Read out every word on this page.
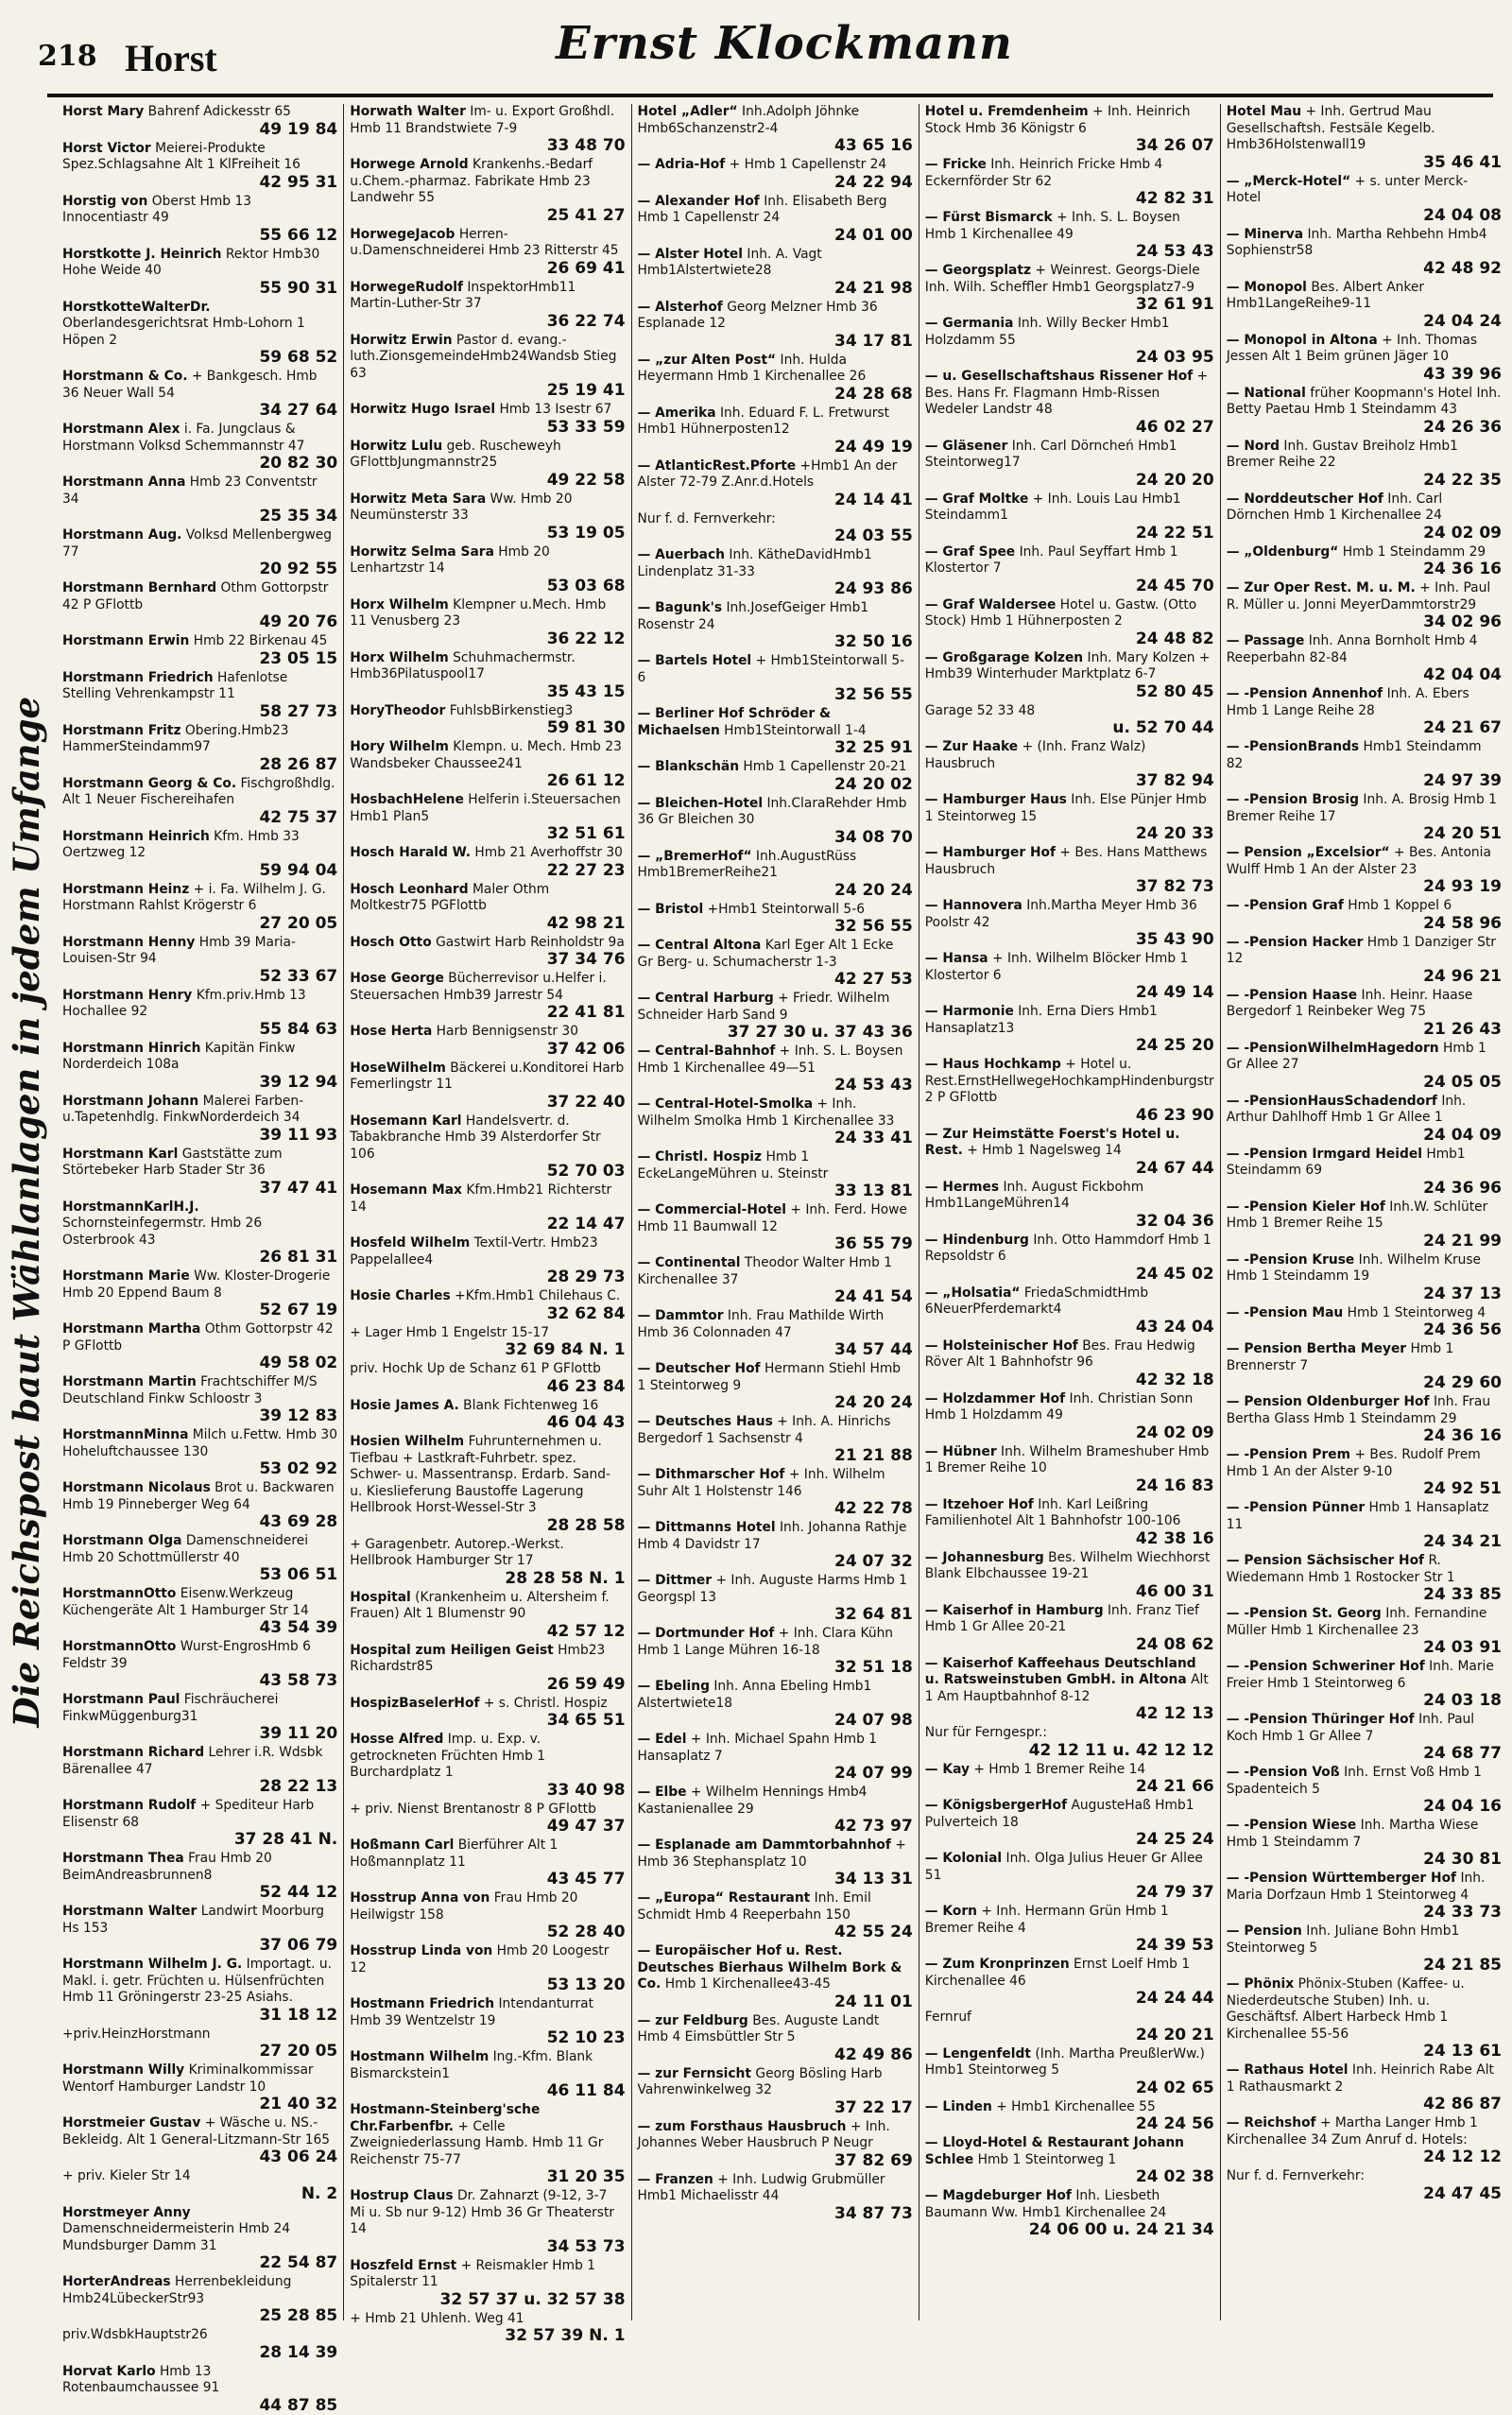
218 Horst	Ernst Klockmann
Die Reichspost baut Wählanlagen in jedem Umfange
Horst Mary Bahrenf Adickesstr 65
49 19 84
Horst Victor Meierei-Produkte Spez.Schlagsahne Alt 1 KlFreiheit 16
42 95 31
Horstig von Oberst Hmb 13 Innocentiastr 49
55 66 12
Horstkotte J. Heinrich Rektor Hmb30 Hohe Weide 40
55 90 31
HorstkotteWalterDr. Oberlandesgerichtsrat Hmb-Lohorn 1 Höpen 2
59 68 52
Horstmann & Co. + Bankgesch. Hmb 36 Neuer Wall 54
34 27 64
Horstmann Alex i. Fa. Jungclaus & Horstmann Volksd Schemmannstr 47
20 82 30
Horstmann Anna Hmb 23 Conventstr 34
25 35 34
Horstmann Aug. Volksd Mellenbergweg 77
20 92 55
Horstmann Bernhard Othm Gottorpstr 42 P GFlottb
49 20 76
Horstmann Erwin Hmb 22 Birkenau 45
23 05 15
Horstmann Friedrich Hafenlotse Stelling Vehrenkampstr 11
58 27 73
Horstmann Fritz Obering.Hmb23 HammerSteindamm97
28 26 87
Horstmann Georg & Co. Fischgroßhdlg. Alt 1 Neuer Fischereihafen
42 75 37
Horstmann Heinrich Kfm. Hmb 33 Oertzweg 12
59 94 04
Horstmann Heinz + i. Fa. Wilhelm J. G. Horstmann Rahlst Krögerstr 6
27 20 05
Horstmann Henny Hmb 39 Maria-Louisen-Str 94
52 33 67
Horstmann Henry Kfm.priv.Hmb 13 Hochallee 92
55 84 63
Horstmann Hinrich Kapitän Finkw Norderdeich 108a
39 12 94
Horstmann Johann Malerei Farben-u.Tapetenhdlg. FinkwNorderdeich 34
39 11 93
Horstmann Karl Gaststätte zum Störtebeker Harb Stader Str 36
37 47 41
HorstmannKarlH.J. Schornsteinfegermstr. Hmb 26 Osterbrook 43
26 81 31
Horstmann Marie Ww. Kloster-Drogerie Hmb 20 Eppend Baum 8
52 67 19
Horstmann Martha Othm Gottorpstr 42 P GFlottb
49 58 02
Horstmann Martin Frachtschiffer M/S Deutschland Finkw Schloostr 3
39 12 83
HorstmannMinna Milch u.Fettw. Hmb 30 Hoheluftchaussee 130
53 02 92
Horstmann Nicolaus Brot u. Backwaren Hmb 19 Pinneberger Weg 64
43 69 28
Horstmann Olga Damenschneiderei Hmb 20 Schottmüllerstr 40
53 06 51
HorstmannOtto Eisenw.Werkzeug Küchengeräte Alt 1 Hamburger Str 14
43 54 39
HorstmannOtto Wurst-EngrosHmb 6 Feldstr 39
43 58 73
Horstmann Paul Fischräucherei FinkwMüggenburg31
39 11 20
Horstmann Richard Lehrer i.R. Wdsbk Bärenallee 47
28 22 13
Horstmann Rudolf + Spediteur Harb Elisenstr 68
37 28 41 N.
Horstmann Thea Frau Hmb 20 BeimAndreasbrunnen8
52 44 12
Horstmann Walter Landwirt Moorburg Hs 153
37 06 79
Horstmann Wilhelm J. G. Importagt. u. Makl. i. getr. Früchten u. Hülsenfrüchten Hmb 11 Gröningerstr 23-25 Asiahs.
31 18 12
+priv.HeinzHorstmann
27 20 05
Horstmann Willy Kriminalkommissar Wentorf Hamburger Landstr 10
21 40 32
Horstmeier Gustav + Wäsche u. NS.-Bekleidg. Alt 1 General-Litzmann-Str 165
43 06 24
+ priv. Kieler Str 14
N. 2
Horstmeyer Anny Damenschneidermeisterin Hmb 24 Mundsburger Damm 31
22 54 87
HorterAndreas Herrenbekleidung Hmb24LübeckerStr93
25 28 85
priv.WdsbkHauptstr26
28 14 39
Horvat Karlo Hmb 13 Rotenbaumchaussee 91
44 87 85
Horwath Walter Im- u. Export Großhdl. Hmb 11 Brandstwiete 7-9
33 48 70
Horwege Arnold Krankenhs.-Bedarf u.Chem.-pharmaz. Fabrikate Hmb 23 Landwehr 55
25 41 27
HorwegeJacob Herren-u.Damenschneiderei Hmb 23 Ritterstr 45
26 69 41
HorwegeRudolf InspektorHmb11 Martin-Luther-Str 37
36 22 74
Horwitz Erwin Pastor d. evang.-luth.ZionsgemeindeHmb24Wandsb Stieg 63
25 19 41
Horwitz Hugo Israel Hmb 13 Isestr 67
53 33 59
Horwitz Lulu geb. Ruscheweyh GFlottbJungmannstr25
49 22 58
Horwitz Meta Sara Ww. Hmb 20 Neumünsterstr 33
53 19 05
Horwitz Selma Sara Hmb 20 Lenhartzstr 14
53 03 68
Horx Wilhelm Klempner u.Mech. Hmb 11 Venusberg 23
36 22 12
Horx Wilhelm Schuhmachermstr. Hmb36Pilatuspool17
35 43 15
HoryTheodor FuhlsbBirkenstieg3
59 81 30
Hory Wilhelm Klempn. u. Mech. Hmb 23 Wandsbeker Chaussee241
26 61 12
HosbachHelene Helferin i.Steuersachen Hmb1 Plan5
32 51 61
Hosch Harald W. Hmb 21 Averhoffstr 30
22 27 23
Hosch Leonhard Maler Othm Moltkestr75 PGFlottb
42 98 21
Hosch Otto Gastwirt Harb Reinholdstr 9a
37 34 76
Hose George Bücherrevisor u.Helfer i. Steuersachen Hmb39 Jarrestr 54
22 41 81
Hose Herta Harb Bennigsenstr 30
37 42 06
HoseWilhelm Bäckerei u.Konditorei Harb Femerlingstr 11
37 22 40
Hosemann Karl Handelsvertr. d. Tabakbranche Hmb 39 Alsterdorfer Str 106
52 70 03
Hosemann Max Kfm.Hmb21 Richterstr 14
22 14 47
Hosfeld Wilhelm Textil-Vertr. Hmb23 Pappelallee4
28 29 73
Hosie Charles +Kfm.Hmb1 Chilehaus C.
32 62 84
+ Lager Hmb 1 Engelstr 15-17
32 69 84 N. 1
priv. Hochk Up de Schanz 61 P GFlottb
46 23 84
Hosie James A. Blank Fichtenweg 16
46 04 43
Hosien Wilhelm Fuhrunternehmen u. Tiefbau + Lastkraft-Fuhrbetr. spez. Schwer- u. Massentransp. Erdarb. Sand- u. Kieslieferung Baustoffe Lagerung Hellbrook Horst-Wessel-Str 3
28 28 58
+ Garagenbetr. Autorep.-Werkst. Hellbrook Hamburger Str 17
28 28 58 N. 1
Hospital (Krankenheim u. Altersheim f. Frauen) Alt 1 Blumenstr 90
42 57 12
Hospital zum Heiligen Geist Hmb23 Richardstr85
26 59 49
HospizBaselerHof + s. Christl. Hospiz
34 65 51
Hosse Alfred Imp. u. Exp. v. getrockneten Früchten Hmb 1 Burchardplatz 1
33 40 98
+ priv. Nienst Brentanostr 8 P GFlottb
49 47 37
Hoßmann Carl Bierführer Alt 1 Hoßmannplatz 11
43 45 77
Hosstrup Anna von Frau Hmb 20 Heilwigstr 158
52 28 40
Hosstrup Linda von Hmb 20 Loogestr 12
53 13 20
Hostmann Friedrich Intendanturrat Hmb 39 Wentzelstr 19
52 10 23
Hostmann Wilhelm Ing.-Kfm. Blank Bismarckstein1
46 11 84
Hostmann-Steinberg'sche Chr.Farbenfbr. + Celle Zweigniederlassung Hamb. Hmb 11 Gr Reichenstr 75-77
31 20 35
Hostrup Claus Dr. Zahnarzt (9-12, 3-7 Mi u. Sb nur 9-12) Hmb 36 Gr Theaterstr 14
34 53 73
Hoszfeld Ernst + Reismakler Hmb 1 Spitalerstr 11
32 57 37 u. 32 57 38
+ Hmb 21 Uhlenh. Weg 41
32 57 39 N. 1
Hotel „Adler“ Inh.Adolph Jöhnke Hmb6Schanzenstr2-4
43 65 16
— Adria-Hof + Hmb 1 Capellenstr 24
24 22 94
— Alexander Hof Inh. Elisabeth Berg Hmb 1 Capellenstr 24
24 01 00
— Alster Hotel Inh. A. Vagt Hmb1Alstertwiete28
24 21 98
— Alsterhof Georg Melzner Hmb 36 Esplanade 12
34 17 81
— „zur Alten Post“ Inh. Hulda Heyermann Hmb 1 Kirchenallee 26
24 28 68
— Amerika Inh. Eduard F. L. Fretwurst Hmb1 Hühnerposten12
24 49 19
— AtlanticRest.Pforte +Hmb1 An der Alster 72-79 Z.Anr.d.Hotels
24 14 41
Nur f. d. Fernverkehr:
24 03 55
— Auerbach Inh. KätheDavidHmb1 Lindenplatz 31-33
24 93 86
— Bagunk's Inh.JosefGeiger Hmb1 Rosenstr 24
32 50 16
— Bartels Hotel + Hmb1Steintorwall 5-6
32 56 55
— Berliner Hof Schröder & Michaelsen Hmb1Steintorwall 1-4
32 25 91
— Blankschän Hmb 1 Capellenstr 20-21
24 20 02
— Bleichen-Hotel Inh.ClaraRehder Hmb 36 Gr Bleichen 30
34 08 70
— „BremerHof“ Inh.AugustRüss Hmb1BremerReihe21
24 20 24
— Bristol +Hmb1 Steintorwall 5-6
32 56 55
— Central Altona Karl Eger Alt 1 Ecke Gr Berg- u. Schumacherstr 1-3
42 27 53
— Central Harburg + Friedr. Wilhelm Schneider Harb Sand 9
37 27 30 u. 37 43 36
— Central-Bahnhof + Inh. S. L. Boysen Hmb 1 Kirchenallee 49—51
24 53 43
— Central-Hotel-Smolka + Inh. Wilhelm Smolka Hmb 1 Kirchenallee 33
24 33 41
— Christl. Hospiz Hmb 1 EckeLangeMühren u. Steinstr
33 13 81
— Commercial-Hotel + Inh. Ferd. Howe Hmb 11 Baumwall 12
36 55 79
— Continental Theodor Walter Hmb 1 Kirchenallee 37
24 41 54
— Dammtor Inh. Frau Mathilde Wirth Hmb 36 Colonnaden 47
34 57 44
— Deutscher Hof Hermann Stiehl Hmb 1 Steintorweg 9
24 20 24
— Deutsches Haus + Inh. A. Hinrichs Bergedorf 1 Sachsenstr 4
21 21 88
— Dithmarscher Hof + Inh. Wilhelm Suhr Alt 1 Holstenstr 146
42 22 78
— Dittmanns Hotel Inh. Johanna Rathje Hmb 4 Davidstr 17
24 07 32
— Dittmer + Inh. Auguste Harms Hmb 1 Georgspl 13
32 64 81
— Dortmunder Hof + Inh. Clara Kühn Hmb 1 Lange Mühren 16-18
32 51 18
— Ebeling Inh. Anna Ebeling Hmb1 Alstertwiete18
24 07 98
— Edel + Inh. Michael Spahn Hmb 1 Hansaplatz 7
24 07 99
— Elbe + Wilhelm Hennings Hmb4 Kastanienallee 29
42 73 97
— Esplanade am Dammtorbahnhof + Hmb 36 Stephansplatz 10
34 13 31
— „Europa“ Restaurant Inh. Emil Schmidt Hmb 4 Reeperbahn 150
42 55 24
— Europäischer Hof u. Rest. Deutsches Bierhaus Wilhelm Bork & Co. Hmb 1 Kirchenallee43-45
24 11 01
— zur Feldburg Bes. Auguste Landt Hmb 4 Eimsbüttler Str 5
42 49 86
— zur Fernsicht Georg Bösling Harb Vahrenwinkelweg 32
37 22 17
— zum Forsthaus Hausbruch + Inh. Johannes Weber Hausbruch P Neugr
37 82 69
— Franzen + Inh. Ludwig Grubmüller Hmb1 Michaelisstr 44
34 87 73
Hotel u. Fremdenheim + Inh. Heinrich Stock Hmb 36 Königstr 6
34 26 07
— Fricke Inh. Heinrich Fricke Hmb 4 Eckernförder Str 62
42 82 31
— Fürst Bismarck + Inh. S. L. Boysen Hmb 1 Kirchenallee 49
24 53 43
— Georgsplatz + Weinrest. Georgs-Diele Inh. Wilh. Scheffler Hmb1 Georgsplatz7-9
32 61 91
— Germania Inh. Willy Becker Hmb1 Holzdamm 55
24 03 95
— u. Gesellschaftshaus Rissener Hof + Bes. Hans Fr. Flagmann Hmb-Rissen Wedeler Landstr 48
46 02 27
— Gläsener Inh. Carl Dörncheń Hmb1 Steintorweg17
24 20 20
— Graf Moltke + Inh. Louis Lau Hmb1 Steindamm1
24 22 51
— Graf Spee Inh. Paul Seyffart Hmb 1 Klostertor 7
24 45 70
— Graf Waldersee Hotel u. Gastw. (Otto Stock) Hmb 1 Hühnerposten 2
24 48 82
— Großgarage Kolzen Inh. Mary Kolzen + Hmb39 Winterhuder Marktplatz 6-7
52 80 45
Garage 52 33 48
u. 52 70 44
— Zur Haake + (Inh. Franz Walz) Hausbruch
37 82 94
— Hamburger Haus Inh. Else Pünjer Hmb 1 Steintorweg 15
24 20 33
— Hamburger Hof + Bes. Hans Matthews Hausbruch
37 82 73
— Hannovera Inh.Martha Meyer Hmb 36 Poolstr 42
35 43 90
— Hansa + Inh. Wilhelm Blöcker Hmb 1 Klostertor 6
24 49 14
— Harmonie Inh. Erna Diers Hmb1 Hansaplatz13
24 25 20
— Haus Hochkamp + Hotel u. Rest.ErnstHellwegeHochkampHindenburgstr 2 P GFlottb
46 23 90
— Zur Heimstätte Foerst's Hotel u. Rest. + Hmb 1 Nagelsweg 14
24 67 44
— Hermes Inh. August Fickbohm Hmb1LangeMühren14
32 04 36
— Hindenburg Inh. Otto Hammdorf Hmb 1 Repsoldstr 6
24 45 02
— „Holsatia“ FriedaSchmidtHmb 6NeuerPferdemarkt4
43 24 04
— Holsteinischer Hof Bes. Frau Hedwig Röver Alt 1 Bahnhofstr 96
42 32 18
— Holzdammer Hof Inh. Christian Sonn Hmb 1 Holzdamm 49
24 02 09
— Hübner Inh. Wilhelm Brameshuber Hmb 1 Bremer Reihe 10
24 16 83
— Itzehoer Hof Inh. Karl Leißring Familienhotel Alt 1 Bahnhofstr 100-106
42 38 16
— Johannesburg Bes. Wilhelm Wiechhorst Blank Elbchaussee 19-21
46 00 31
— Kaiserhof in Hamburg Inh. Franz Tief Hmb 1 Gr Allee 20-21
24 08 62
— Kaiserhof Kaffeehaus Deutschland u. Ratsweinstuben GmbH. in Altona Alt 1 Am Hauptbahnhof 8-12
42 12 13
Nur für Ferngespr.:
42 12 11 u. 42 12 12
— Kay + Hmb 1 Bremer Reihe 14
24 21 66
— KönigsbergerHof AugusteHaß Hmb1 Pulverteich 18
24 25 24
— Kolonial Inh. Olga Julius Heuer Gr Allee 51
24 79 37
— Korn + Inh. Hermann Grün Hmb 1 Bremer Reihe 4
24 39 53
— Zum Kronprinzen Ernst Loelf Hmb 1 Kirchenallee 46
24 24 44
Fernruf
24 20 21
— Lengenfeldt (Inh. Martha PreußlerWw.) Hmb1 Steintorweg 5
24 02 65
— Linden + Hmb1 Kirchenallee 55
24 24 56
— Lloyd-Hotel & Restaurant Johann Schlee Hmb 1 Steintorweg 1
24 02 38
— Magdeburger Hof Inh. Liesbeth Baumann Ww. Hmb1 Kirchenallee 24
24 06 00 u. 24 21 34
Hotel Mau + Inh. Gertrud Mau Gesellschaftsh. Festsäle Kegelb. Hmb36Holstenwall19
35 46 41
— „Merck-Hotel“ + s. unter Merck-Hotel
24 04 08
— Minerva Inh. Martha Rehbehn Hmb4 Sophienstr58
42 48 92
— Monopol Bes. Albert Anker Hmb1LangeReihe9-11
24 04 24
— Monopol in Altona + Inh. Thomas Jessen Alt 1 Beim grünen Jäger 10
43 39 96
— National früher Koopmann's Hotel Inh. Betty Paetau Hmb 1 Steindamm 43
24 26 36
— Nord Inh. Gustav Breiholz Hmb1 Bremer Reihe 22
24 22 35
— Norddeutscher Hof Inh. Carl Dörnchen Hmb 1 Kirchenallee 24
24 02 09
— „Oldenburg“ Hmb 1 Steindamm 29
24 36 16
— Zur Oper Rest. M. u. M. + Inh. Paul R. Müller u. Jonni MeyerDammtorstr29
34 02 96
— Passage Inh. Anna Bornholt Hmb 4 Reeperbahn 82-84
42 04 04
— -Pension Annenhof Inh. A. Ebers Hmb 1 Lange Reihe 28
24 21 67
— -PensionBrands Hmb1 Steindamm 82
24 97 39
— -Pension Brosig Inh. A. Brosig Hmb 1 Bremer Reihe 17
24 20 51
— Pension „Excelsior“ + Bes. Antonia Wulff Hmb 1 An der Alster 23
24 93 19
— -Pension Graf Hmb 1 Koppel 6
24 58 96
— -Pension Hacker Hmb 1 Danziger Str 12
24 96 21
— -Pension Haase Inh. Heinr. Haase Bergedorf 1 Reinbeker Weg 75
21 26 43
— -PensionWilhelmHagedorn Hmb 1 Gr Allee 27
24 05 05
— -PensionHausSchadendorf Inh. Arthur Dahlhoff Hmb 1 Gr Allee 1
24 04 09
— -Pension Irmgard Heidel Hmb1 Steindamm 69
24 36 96
— -Pension Kieler Hof Inh.W. Schlüter Hmb 1 Bremer Reihe 15
24 21 99
— -Pension Kruse Inh. Wilhelm Kruse Hmb 1 Steindamm 19
24 37 13
— -Pension Mau Hmb 1 Steintorweg 4
24 36 56
— Pension Bertha Meyer Hmb 1 Brennerstr 7
24 29 60
— Pension Oldenburger Hof Inh. Frau Bertha Glass Hmb 1 Steindamm 29
24 36 16
— -Pension Prem + Bes. Rudolf Prem Hmb 1 An der Alster 9-10
24 92 51
— -Pension Pünner Hmb 1 Hansaplatz 11
24 34 21
— Pension Sächsischer Hof R. Wiedemann Hmb 1 Rostocker Str 1
24 33 85
— -Pension St. Georg Inh. Fernandine Müller Hmb 1 Kirchenallee 23
24 03 91
— -Pension Schweriner Hof Inh. Marie Freier Hmb 1 Steintorweg 6
24 03 18
— -Pension Thüringer Hof Inh. Paul Koch Hmb 1 Gr Allee 7
24 68 77
— -Pension Voß Inh. Ernst Voß Hmb 1 Spadenteich 5
24 04 16
— -Pension Wiese Inh. Martha Wiese Hmb 1 Steindamm 7
24 30 81
— -Pension Württemberger Hof Inh. Maria Dorfzaun Hmb 1 Steintorweg 4
24 33 73
— Pension Inh. Juliane Bohn Hmb1 Steintorweg 5
24 21 85
— Phönix Phönix-Stuben (Kaffee- u. Niederdeutsche Stuben) Inh. u. Geschäftsf. Albert Harbeck Hmb 1 Kirchenallee 55-56
24 13 61
— Rathaus Hotel Inh. Heinrich Rabe Alt 1 Rathausmarkt 2
42 86 87
— Reichshof + Martha Langer Hmb 1 Kirchenallee 34 Zum Anruf d. Hotels:
24 12 12
Nur f. d. Fernverkehr:
24 47 45
